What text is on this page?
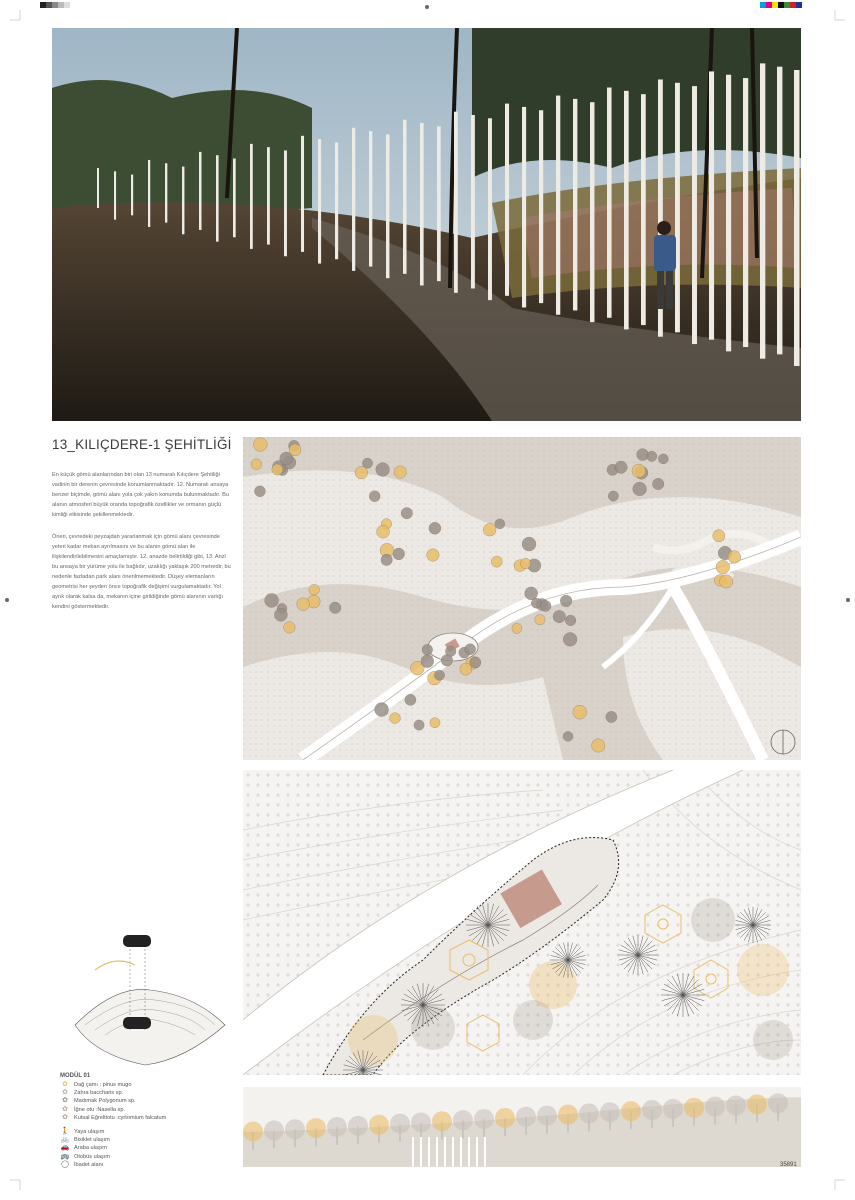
13_KILIÇDERE-1 ŞEHİTLİĞİ

En küçük gömü alanlarından biri olan 13 numaralı Kılıçdere Şehitliği vadinin bir derenin çevresinde konumlanmaktadır. 12. Numaralı ansaya benzer biçimde, gömü alanı yola çok yakın konumda bulunmaktadır. Bu alanın atmosferi büyük oranda topoğrafik özellikler ve ormanın güçlü kimliği etkisinde şekillenmektedir.

Öneri, çevredeki peyzajdan yararlanmak için gömü alanı çevresinde yeteri kadar mekan ayrılmasını ve bu alanın gömü alan ile ilişkilendirilebilmesini amaçlamıştır. 12. anazde belirtildiği gibi, 13. Anzl bu ansaya bir yürüme yolu ile bağlıdır, uzaklığı yaklaşık 200 metredir, bu nedenle fazladan park alanı önerilmemektedir. Düşey elemanların geometrisi her şeyden önce topoğrafik değişimi vurgulamaktadır. Yol ayrık olarak kalsa da, mekanın içine girildiğinde gömü alanının varlığı kendini göstermektedir.

MODÜL 01
✿	Dağ çamı : pinus mugo
✿	Zahra baccharis sp.
✿	Madımak Polygonum sp.
✿	İğne otu :Nasella sp.
✿	Kutsal Eğreltiotu :cyrtomium falcatum
🚶 Yaya ulaşım
🚲 Bisiklet ulaşım
🚗 Araba ulaşım
🚌 Otobüs ulaşım
◯ İbadet alanı	35891
